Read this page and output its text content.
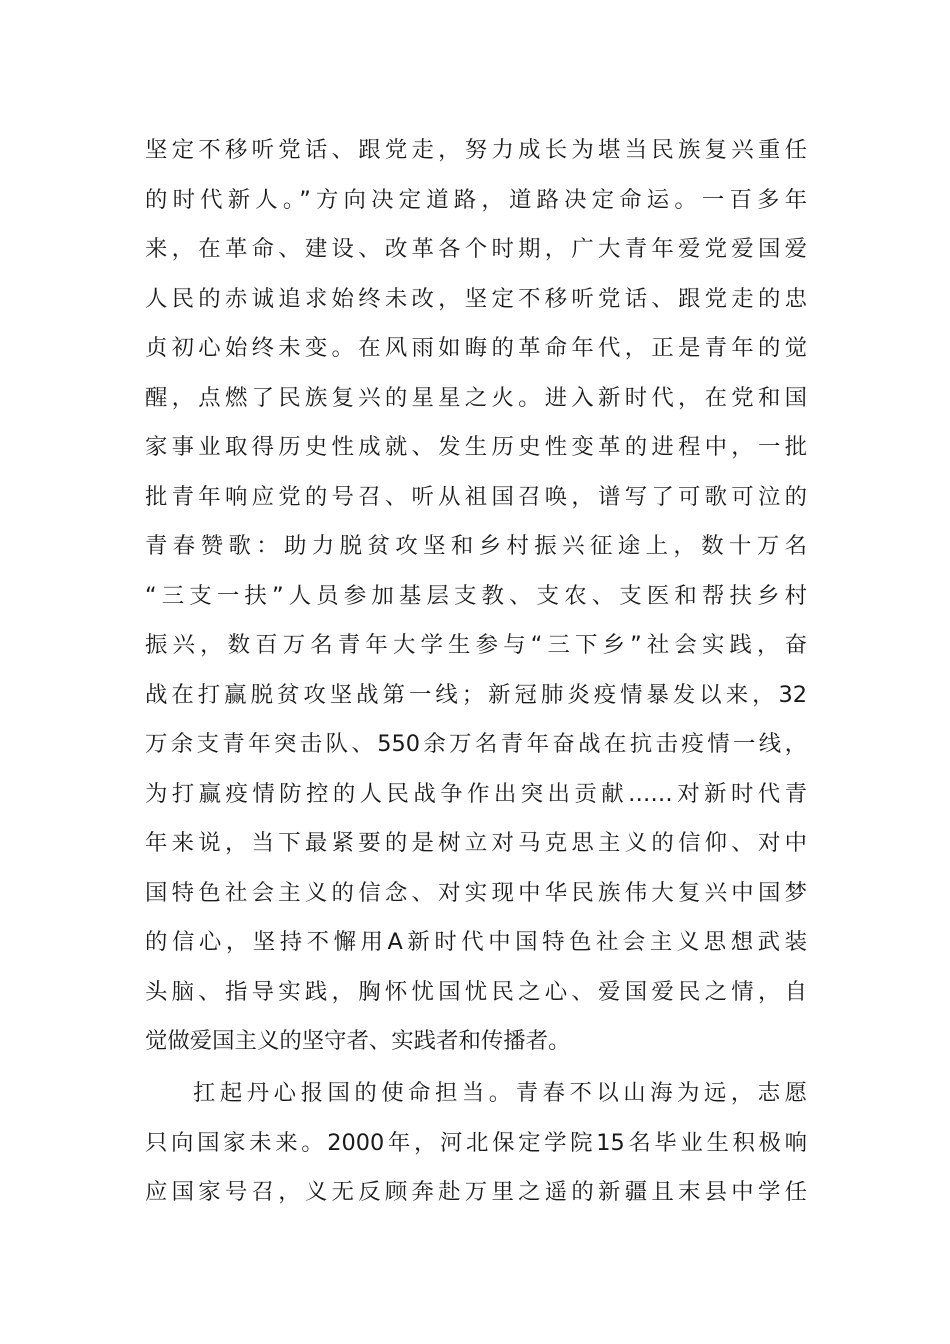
坚定不移听党话、跟党走，努力成长为堪当民族复兴重任
的时代新人。”方向决定道路，道路决定命运。一百多年
来，在革命、建设、改革各个时期，广大青年爱党爱国爱
人民的赤诚追求始终未改，坚定不移听党话、跟党走的忠
贞初心始终未变。在风雨如晦的革命年代，正是青年的觉
醒，点燃了民族复兴的星星之火。进入新时代，在党和国
家事业取得历史性成就、发生历史性变革的进程中，一批
批青年响应党的号召、听从祖国召唤，谱写了可歌可泣的
青春赞歌：助力脱贫攻坚和乡村振兴征途上，数十万名
“三支一扶”人员参加基层支教、支农、支医和帮扶乡村
振兴，数百万名青年大学生参与“三下乡”社会实践，奋
战在打赢脱贫攻坚战第一线；新冠肺炎疫情暴发以来，32
万余支青年突击队、550余万名青年奋战在抗击疫情一线，
为打赢疫情防控的人民战争作出突出贡献……对新时代青
年来说，当下最紧要的是树立对马克思主义的信仰、对中
国特色社会主义的信念、对实现中华民族伟大复兴中国梦
的信心，坚持不懈用A新时代中国特色社会主义思想武装
头脑、指导实践，胸怀忧国忧民之心、爱国爱民之情，自
觉做爱国主义的坚守者、实践者和传播者。
扛起丹心报国的使命担当。青春不以山海为远，志愿
只向国家未来。2000年，河北保定学院15名毕业生积极响
应国家号召，义无反顾奔赴万里之遥的新疆且末县中学任
